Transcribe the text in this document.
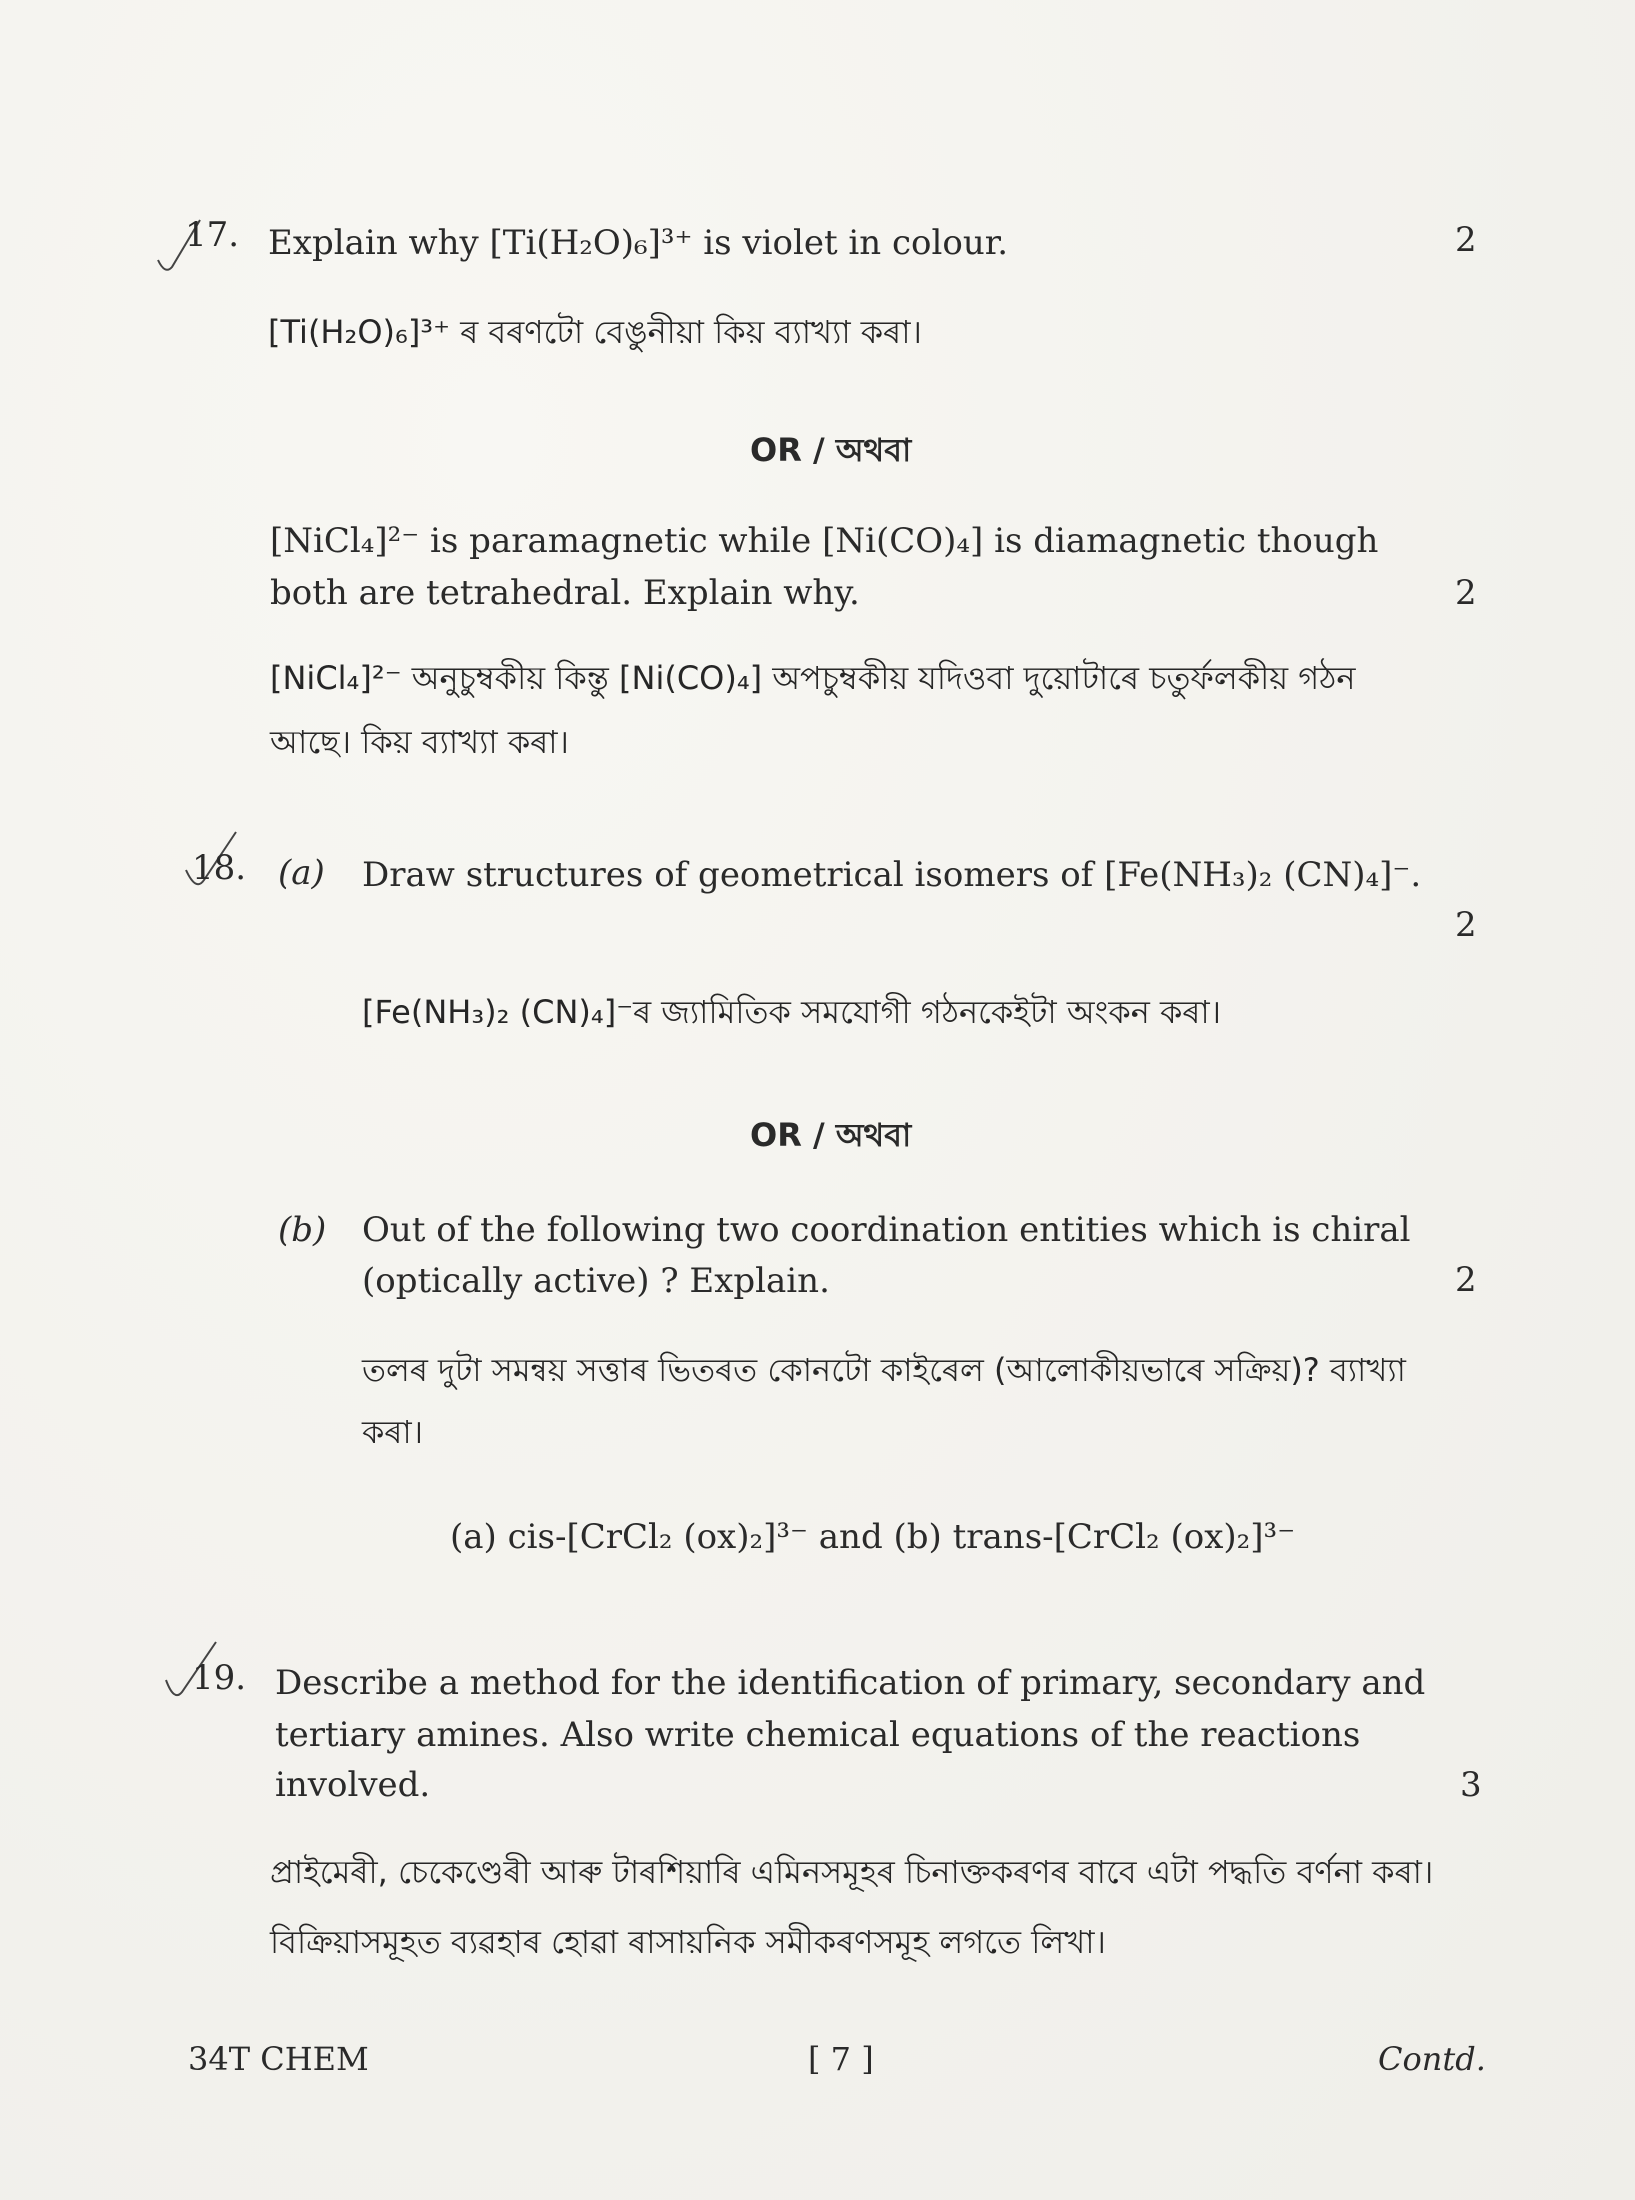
17. Explain why [Ti(H₂O)₆]³⁺ is violet in colour.	2
[Ti(H₂O)₆]³⁺ ৰ বৰণটো বেঙুনীয়া কিয় ব্যাখ্যা কৰা।
OR / অথবা
[NiCl₄]²⁻ is paramagnetic while [Ni(CO)₄] is diamagnetic though
both are tetrahedral. Explain why.	2
[NiCl₄]²⁻ অনুচুম্বকীয় কিন্তু [Ni(CO)₄] অপচুম্বকীয় যদিওবা দুয়োটাৰে চতুৰ্ফলকীয় গঠন
আছে। কিয় ব্যাখ্যা কৰা।
18. (a) Draw structures of geometrical isomers of [Fe(NH₃)₂ (CN)₄]⁻.
2
[Fe(NH₃)₂ (CN)₄]⁻ৰ জ্যামিতিক সমযোগী গঠনকেইটা অংকন কৰা।
OR / অথবা
(b) Out of the following two coordination entities which is chiral
(optically active) ? Explain.	2
তলৰ দুটা সমন্বয় সত্তাৰ ভিতৰত কোনটো কাইৰেল (আলোকীয়ভাৰে সক্ৰিয়)? ব্যাখ্যা
কৰা।
(a) cis-[CrCl₂ (ox)₂]³⁻ and (b) trans-[CrCl₂ (ox)₂]³⁻
19. Describe a method for the identification of primary, secondary and
tertiary amines. Also write chemical equations of the reactions
involved.	3
প্ৰাইমেৰী, চেকেণ্ডেৰী আৰু টাৰশিয়াৰি এমিনসমূহৰ চিনাক্তকৰণৰ বাবে এটা পদ্ধতি বৰ্ণনা কৰা।
বিক্ৰিয়াসমূহত ব্যৱহাৰ হোৱা ৰাসায়নিক সমীকৰণসমূহ লগতে লিখা।
34T CHEM	[ 7 ]	Contd.
